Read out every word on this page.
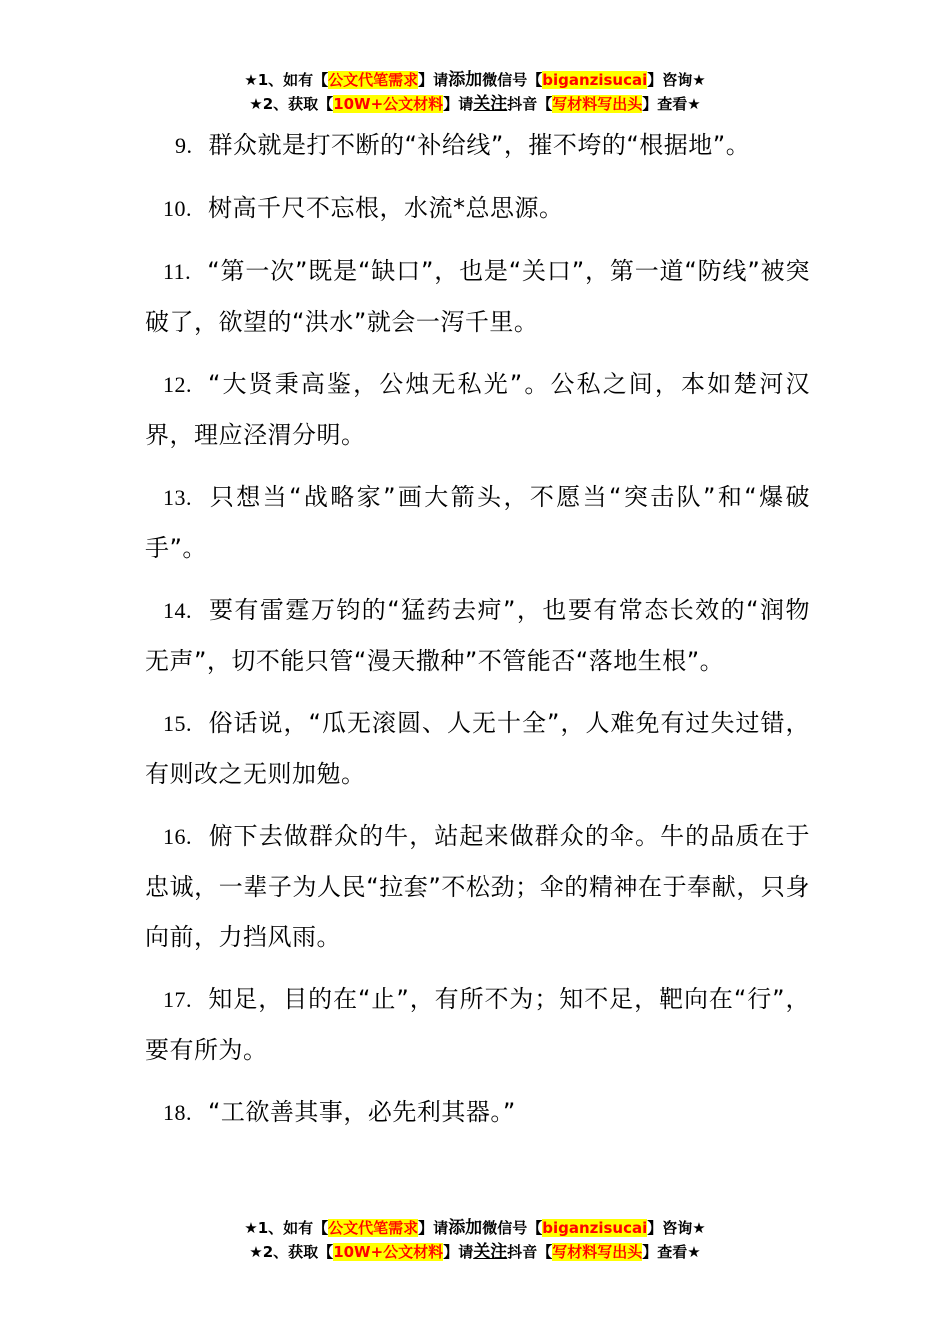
★1、如有【公文代笔需求】请添加微信号【biganzisucai】咨询★
★2、获取【10W+公文材料】请关注抖音【写材料写出头】查看★

9. 群众就是打不断的“补给线”，摧不垮的“根据地”。

10. 树高千尺不忘根，水流*总思源。

11. “第一次”既是“缺口”，也是“关口”，第一道“防线”被突破了，欲望的“洪水”就会一泻千里。

12. “大贤秉高鉴，公烛无私光”。公私之间，本如楚河汉界，理应泾渭分明。

13. 只想当“战略家”画大箭头，不愿当“突击队”和“爆破手”。

14. 要有雷霆万钧的“猛药去疴”，也要有常态长效的“润物无声”，切不能只管“漫天撒种”不管能否“落地生根”。

15. 俗话说，“瓜无滚圆、人无十全”，人难免有过失过错，有则改之无则加勉。

16. 俯下去做群众的牛，站起来做群众的伞。牛的品质在于忠诚，一辈子为人民“拉套”不松劲；伞的精神在于奉献，只身向前，力挡风雨。

17. 知足，目的在“止”，有所不为；知不足，靶向在“行”，要有所为。

18. “工欲善其事，必先利其器。”

★1、如有【公文代笔需求】请添加微信号【biganzisucai】咨询★
★2、获取【10W+公文材料】请关注抖音【写材料写出头】查看★
